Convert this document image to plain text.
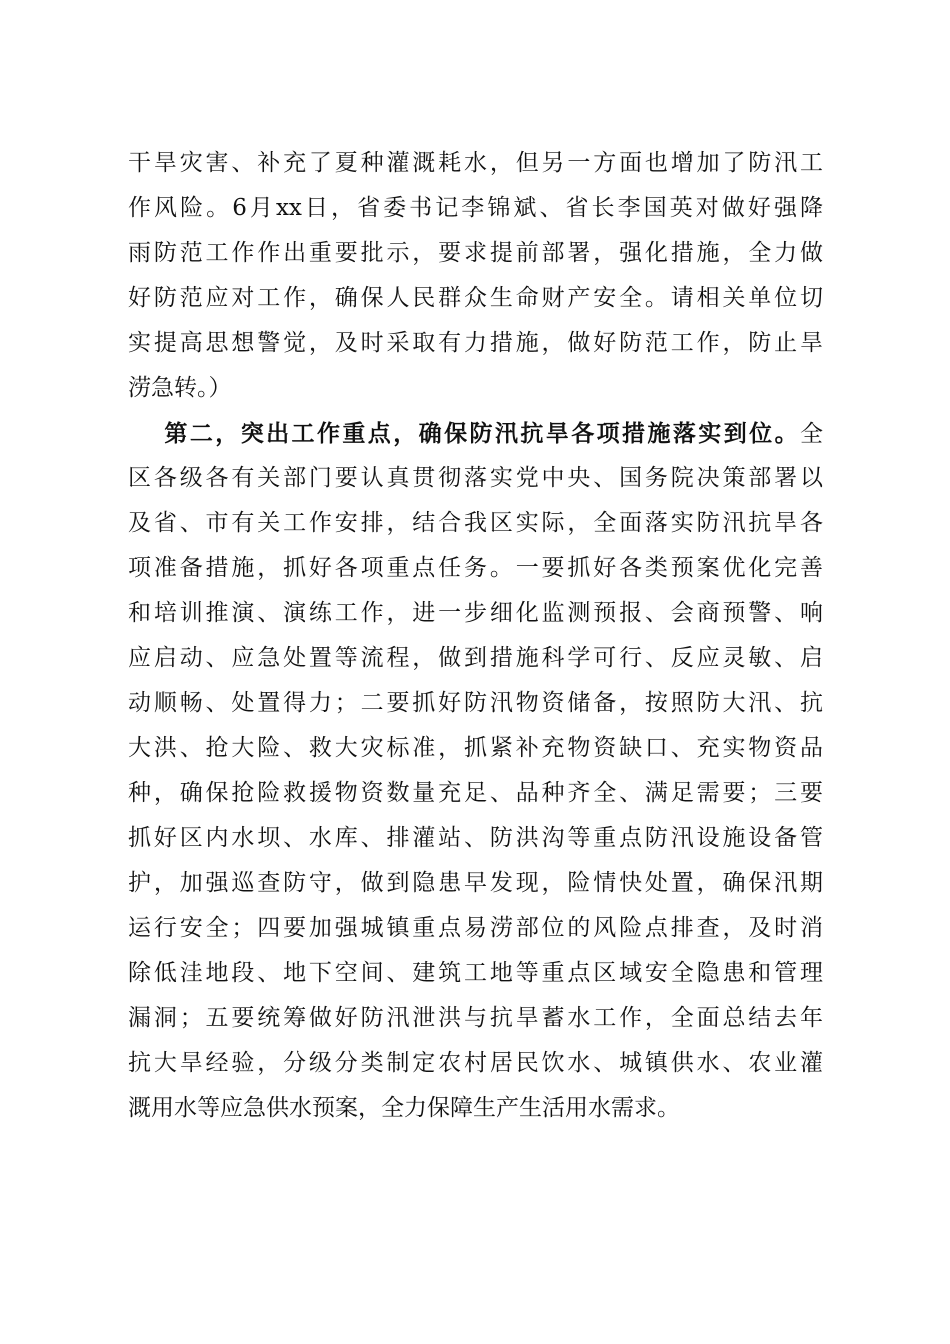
干旱灾害、补充了夏种灌溉耗水，但另一方面也增加了防汛工
作风险。6月xx日，省委书记李锦斌、省长李国英对做好强降
雨防范工作作出重要批示，要求提前部署，强化措施，全力做
好防范应对工作，确保人民群众生命财产安全。请相关单位切
实提高思想警觉，及时采取有力措施，做好防范工作，防止旱
涝急转。）
第二，突出工作重点，确保防汛抗旱各项措施落实到位。全
区各级各有关部门要认真贯彻落实党中央、国务院决策部署以
及省、市有关工作安排，结合我区实际，全面落实防汛抗旱各
项准备措施，抓好各项重点任务。一要抓好各类预案优化完善
和培训推演、演练工作，进一步细化监测预报、会商预警、响
应启动、应急处置等流程，做到措施科学可行、反应灵敏、启
动顺畅、处置得力；二要抓好防汛物资储备，按照防大汛、抗
大洪、抢大险、救大灾标准，抓紧补充物资缺口、充实物资品
种，确保抢险救援物资数量充足、品种齐全、满足需要；三要
抓好区内水坝、水库、排灌站、防洪沟等重点防汛设施设备管
护，加强巡查防守，做到隐患早发现，险情快处置，确保汛期
运行安全；四要加强城镇重点易涝部位的风险点排查，及时消
除低洼地段、地下空间、建筑工地等重点区域安全隐患和管理
漏洞；五要统筹做好防汛泄洪与抗旱蓄水工作，全面总结去年
抗大旱经验，分级分类制定农村居民饮水、城镇供水、农业灌
溉用水等应急供水预案，全力保障生产生活用水需求。
